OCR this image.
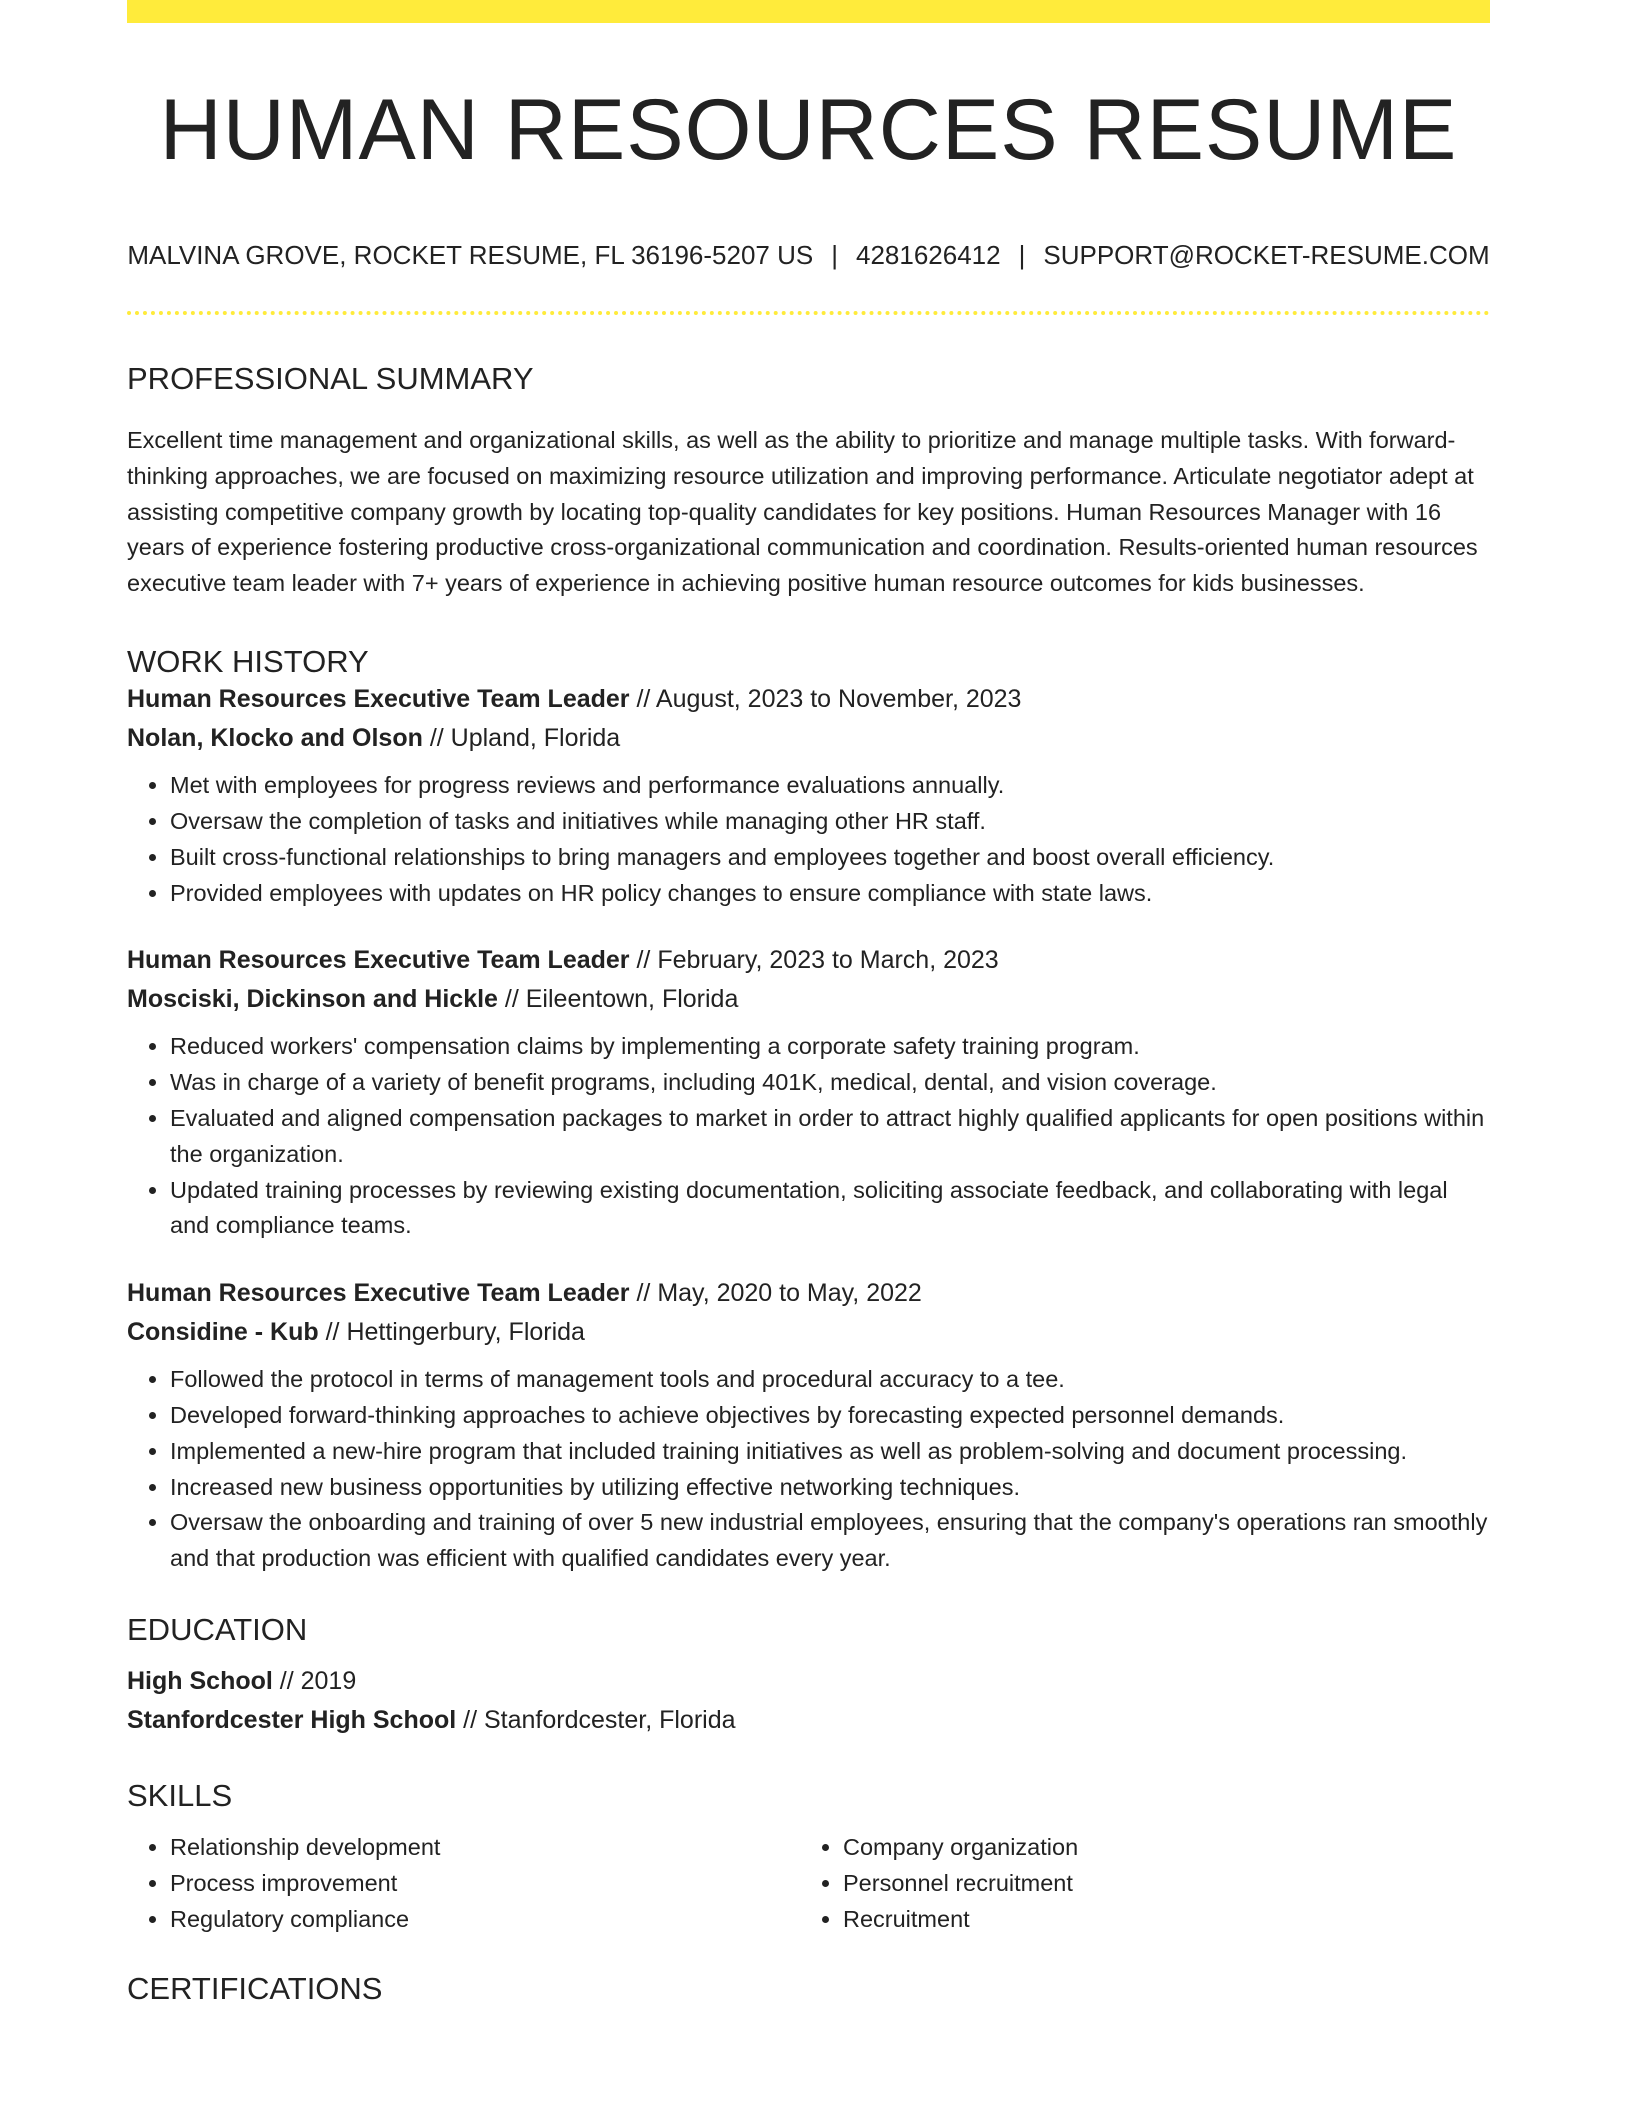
HUMAN RESOURCES RESUME
MALVINA GROVE, ROCKET RESUME, FL 36196-5207 US | 4281626412 | SUPPORT@ROCKET-RESUME.COM
PROFESSIONAL SUMMARY

Excellent time management and organizational skills, as well as the ability to prioritize and manage multiple tasks. With forward-thinking approaches, we are focused on maximizing resource utilization and improving performance. Articulate negotiator adept at assisting competitive company growth by locating top-quality candidates for key positions. Human Resources Manager with 16 years of experience fostering productive cross-organizational communication and coordination. Results-oriented human resources executive team leader with 7+ years of experience in achieving positive human resource outcomes for kids businesses.

WORK HISTORY
Human Resources Executive Team Leader // August, 2023 to November, 2023
Nolan, Klocko and Olson // Upland, Florida
• Met with employees for progress reviews and performance evaluations annually.
• Oversaw the completion of tasks and initiatives while managing other HR staff.
• Built cross-functional relationships to bring managers and employees together and boost overall efficiency.
• Provided employees with updates on HR policy changes to ensure compliance with state laws.
Human Resources Executive Team Leader // February, 2023 to March, 2023
Mosciski, Dickinson and Hickle // Eileentown, Florida
• Reduced workers' compensation claims by implementing a corporate safety training program.
• Was in charge of a variety of benefit programs, including 401K, medical, dental, and vision coverage.
• Evaluated and aligned compensation packages to market in order to attract highly qualified applicants for open positions within the organization.
• Updated training processes by reviewing existing documentation, soliciting associate feedback, and collaborating with legal and compliance teams.
Human Resources Executive Team Leader // May, 2020 to May, 2022
Considine - Kub // Hettingerbury, Florida
• Followed the protocol in terms of management tools and procedural accuracy to a tee.
• Developed forward-thinking approaches to achieve objectives by forecasting expected personnel demands.
• Implemented a new-hire program that included training initiatives as well as problem-solving and document processing.
• Increased new business opportunities by utilizing effective networking techniques.
• Oversaw the onboarding and training of over 5 new industrial employees, ensuring that the company's operations ran smoothly and that production was efficient with qualified candidates every year.
EDUCATION
High School // 2019
Stanfordcester High School // Stanfordcester, Florida
SKILLS
• Relationship development
• Process improvement
• Regulatory compliance
• Company organization
• Personnel recruitment
• Recruitment
CERTIFICATIONS
